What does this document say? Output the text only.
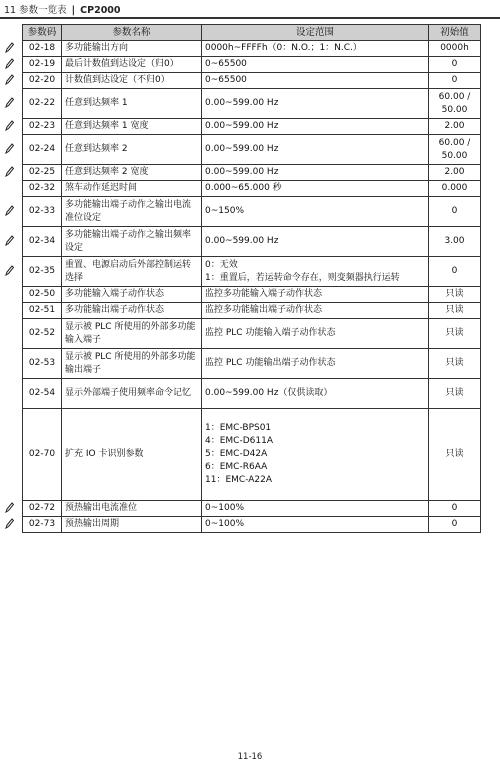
11 参数一览表 | CP2000
参数码	参数名称	设定范围	初始值
02-18	多功能输出方向	0000h~FFFFh（0：N.O.；1：N.C.）	0000h
02-19	最后计数值到达设定（归0）	0~65500	0
02-20	计数值到达设定（不归0）	0~65500	0
02-22	任意到达频率 1	0.00~599.00 Hz	60.00 / 50.00
02-23	任意到达频率 1 宽度	0.00~599.00 Hz	2.00
02-24	任意到达频率 2	0.00~599.00 Hz	60.00 / 50.00
02-25	任意到达频率 2 宽度	0.00~599.00 Hz	2.00
02-32	煞车动作延迟时间	0.000~65.000 秒	0.000
02-33	多功能输出端子动作之输出电流准位设定	0~150%	0
02-34	多功能输出端子动作之输出频率设定	0.00~599.00 Hz	3.00
02-35	重置、电源启动后外部控制运转选择	0：无效
1：重置后，若运转命令存在，则变频器执行运转	0
02-50	多功能输入端子动作状态	监控多功能输入端子动作状态	只读
02-51	多功能输出端子动作状态	监控多功能输出端子动作状态	只读
02-52	显示被 PLC 所使用的外部多功能输入端子	监控 PLC 功能输入端子动作状态	只读
02-53	显示被 PLC 所使用的外部多功能输出端子	监控 PLC 功能输出端子动作状态	只读
02-54	显示外部端子使用频率命令记忆	0.00~599.00 Hz（仅供读取）	只读
02-70	扩充 IO 卡识别参数	1：EMC-BPS01
4：EMC-D611A
5：EMC-D42A
6：EMC-R6AA
11：EMC-A22A	只读
02-72	预热输出电流准位	0~100%	0
02-73	预热输出周期	0~100%	0
11-16
